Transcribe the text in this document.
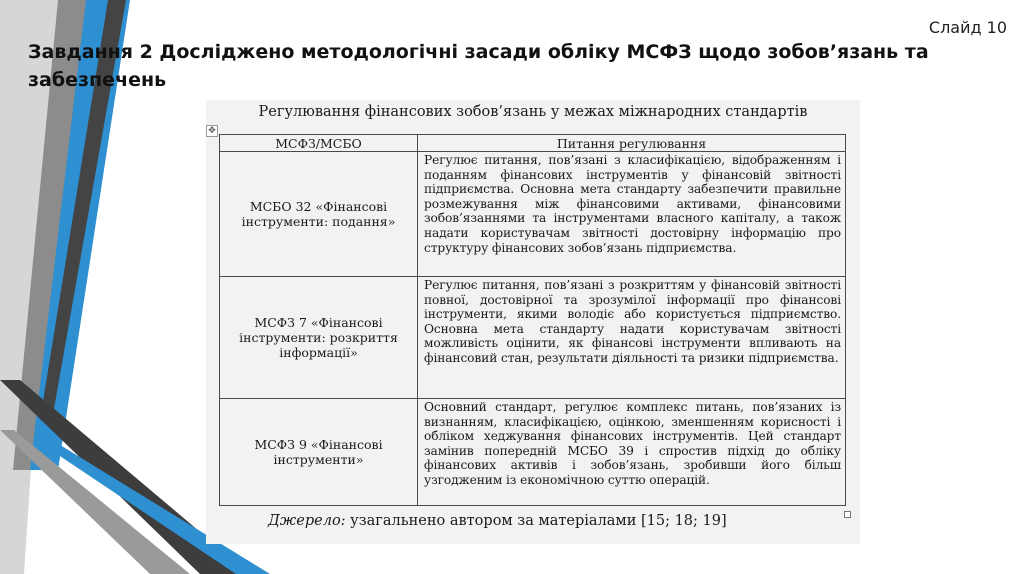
Слайд 10
Завдання 2 Досліджено методологічні засади обліку МСФЗ щодо зобов’язань та забезпечень

Регулювання фінансових зобов’язань у межах міжнародних стандартів

✥
МСФЗ/МСБО	Питання регулювання
МСБО 32 «Фінансові інструменти: подання»	Регулює питання, пов’язані з класифікацією, відображенням і поданням фінансових інструментів у фінансовій звітності підприємства. Основна мета стандарту забезпечити правильне розмежування між фінансовими активами, фінансовими зобов’язаннями та інструментами власного капіталу, а також надати користувачам звітності достовірну інформацію про структуру фінансових зобов’язань підприємства.
МСФЗ 7 «Фінансові інструменти: розкриття інформації»	Регулює питання, пов’язані з розкриттям у фінансовій звітності повної, достовірної та зрозумілої інформації про фінансові інструменти, якими володіє або користується підприємство. Основна мета стандарту надати користувачам звітності можливість оцінити, як фінансові інструменти впливають на фінансовий стан, результати діяльності та ризики підприємства.
МСФЗ 9 «Фінансові інструменти»	Основний стандарт, регулює комплекс питань, пов’язаних із визнанням, класифікацією, оцінкою, зменшенням корисності і обліком хеджування фінансових інструментів. Цей стандарт замінив попередній МСБО 39 і спростив підхід до обліку фінансових активів і зобов’язань, зробивши його більш узгодженим із економічною суттю операцій.

Джерело: узагальнено автором за матеріалами [15; 18; 19]
